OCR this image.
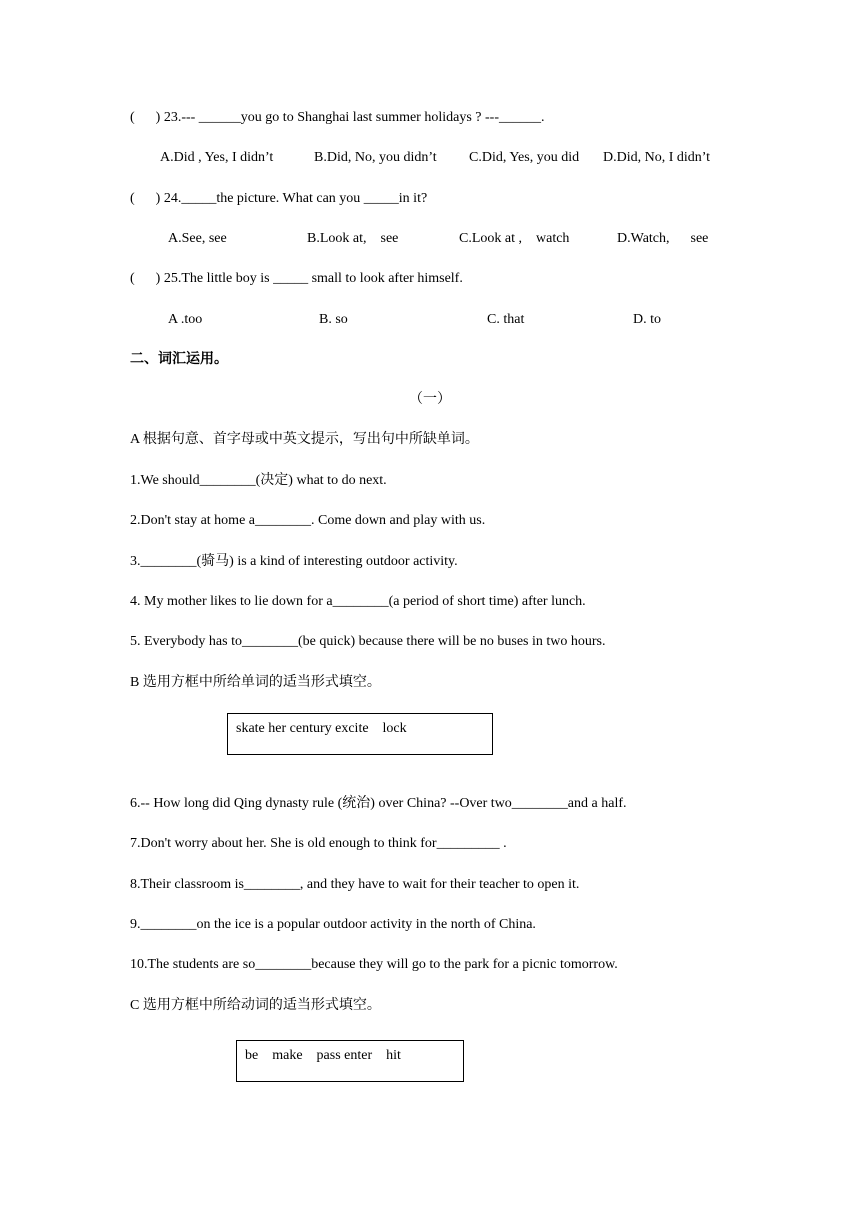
(      ) 23.--- ______you go to Shanghai last summer holidays ? ---______.
A.Did , Yes, I didn’t	B.Did, No, you didn’t C.Did, Yes, you did D.Did, No, I didn’t
(      ) 24._____the picture. What can you _____in it?
A.See, see	B.Look at,    see	C.Look at ,    watch	D.Watch,      see
(      ) 25.The little boy is _____ small to look after himself.
A .too	B. so	C. that	D. to
二、词汇运用。
（一）
A 根据句意、首字母或中英文提示，写出句中所缺单词。
1.We should________(决定) what to do next.
2.Don't stay at home a________. Come down and play with us.
3.________(骑马) is a kind of interesting outdoor activity.
4. My mother likes to lie down for a________(a period of short time) after lunch.
5. Everybody has to________(be quick) because there will be no buses in two hours.
B 选用方框中所给单词的适当形式填空。
skate her century excite    lock
6.-- How long did Qing dynasty rule (统治) over China? --Over two________and a half.
7.Don't worry about her. She is old enough to think for_________ .
8.Their classroom is________, and they have to wait for their teacher to open it.
9.________on the ice is a popular outdoor activity in the north of China.
10.The students are so________because they will go to the park for a picnic tomorrow.
C 选用方框中所给动词的适当形式填空。
be    make    pass enter    hit
